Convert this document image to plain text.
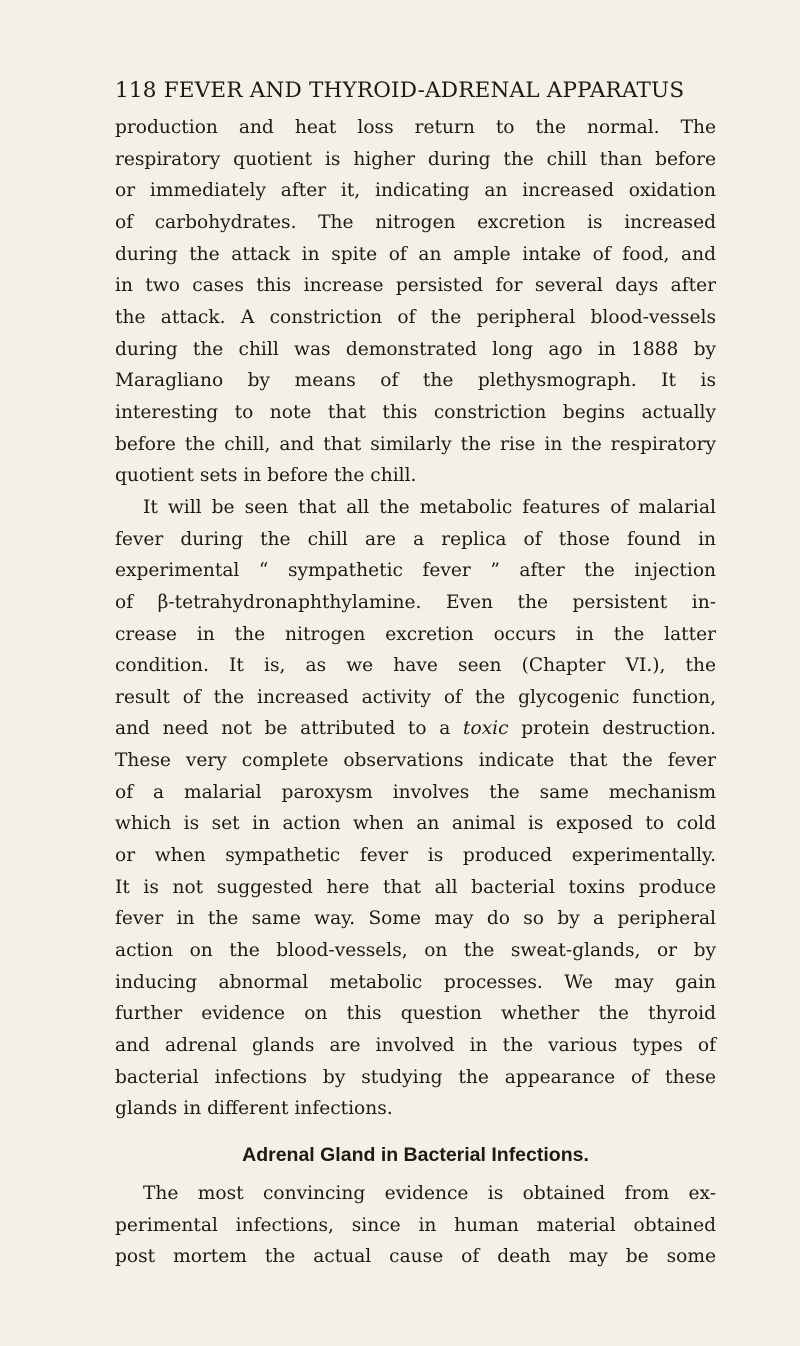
118 FEVER AND THYROID-ADRENAL APPARATUS

production and heat loss return to the normal. The
respiratory quotient is higher during the chill than before
or immediately after it, indicating an increased oxidation
of carbohydrates. The nitrogen excretion is increased
during the attack in spite of an ample intake of food, and
in two cases this increase persisted for several days after
the attack. A constriction of the peripheral blood-vessels
during the chill was demonstrated long ago in 1888 by
Maragliano by means of the plethysmograph. It is
interesting to note that this constriction begins actually
before the chill, and that similarly the rise in the respiratory
quotient sets in before the chill.

It will be seen that all the metabolic features of malarial
fever during the chill are a replica of those found in
experimental “ sympathetic fever ” after the injection
of β-tetrahydronaphthylamine. Even the persistent in-
crease in the nitrogen excretion occurs in the latter
condition. It is, as we have seen (Chapter VI.), the
result of the increased activity of the glycogenic function,
and need not be attributed to a toxic protein destruction.
These very complete observations indicate that the fever
of a malarial paroxysm involves the same mechanism
which is set in action when an animal is exposed to cold
or when sympathetic fever is produced experimentally.
It is not suggested here that all bacterial toxins produce
fever in the same way. Some may do so by a peripheral
action on the blood-vessels, on the sweat-glands, or by
inducing abnormal metabolic processes. We may gain
further evidence on this question whether the thyroid
and adrenal glands are involved in the various types of
bacterial infections by studying the appearance of these
glands in different infections.

Adrenal Gland in Bacterial Infections.

The most convincing evidence is obtained from ex-
perimental infections, since in human material obtained
post mortem the actual cause of death may be some
